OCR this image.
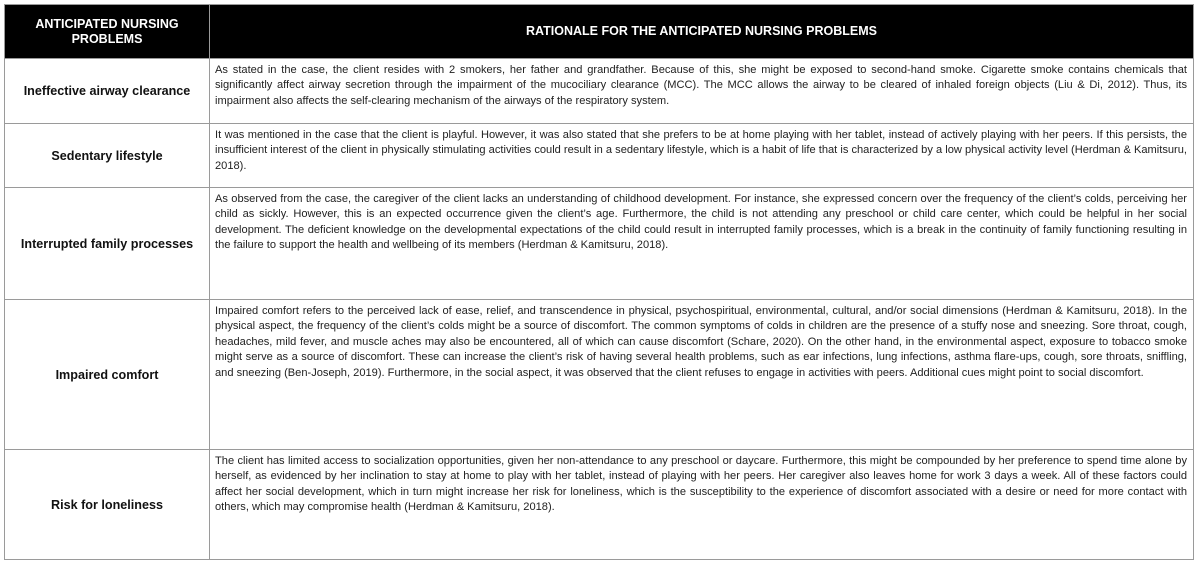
ANTICIPATED NURSING PROBLEMS	RATIONALE FOR THE ANTICIPATED NURSING PROBLEMS
Ineffective airway clearance	As stated in the case, the client resides with 2 smokers, her father and grandfather. Because of this, she might be exposed to second-hand smoke. Cigarette smoke contains chemicals that significantly affect airway secretion through the impairment of the mucociliary clearance (MCC). The MCC allows the airway to be cleared of inhaled foreign objects (Liu & Di, 2012). Thus, its impairment also affects the self-clearing mechanism of the airways of the respiratory system.
Sedentary lifestyle	It was mentioned in the case that the client is playful. However, it was also stated that she prefers to be at home playing with her tablet, instead of actively playing with her peers. If this persists, the insufficient interest of the client in physically stimulating activities could result in a sedentary lifestyle, which is a habit of life that is characterized by a low physical activity level (Herdman & Kamitsuru, 2018).
Interrupted family processes	As observed from the case, the caregiver of the client lacks an understanding of childhood development. For instance, she expressed concern over the frequency of the client’s colds, perceiving her child as sickly. However, this is an expected occurrence given the client’s age. Furthermore, the child is not attending any preschool or child care center, which could be helpful in her social development. The deficient knowledge on the developmental expectations of the child could result in interrupted family processes, which is a break in the continuity of family functioning resulting in the failure to support the health and wellbeing of its members (Herdman & Kamitsuru, 2018).
Impaired comfort	Impaired comfort refers to the perceived lack of ease, relief, and transcendence in physical, psychospiritual, environmental, cultural, and/or social dimensions (Herdman & Kamitsuru, 2018). In the physical aspect, the frequency of the client’s colds might be a source of discomfort. The common symptoms of colds in children are the presence of a stuffy nose and sneezing. Sore throat, cough, headaches, mild fever, and muscle aches may also be encountered, all of which can cause discomfort (Schare, 2020). On the other hand, in the environmental aspect, exposure to tobacco smoke might serve as a source of discomfort. These can increase the client’s risk of having several health problems, such as ear infections, lung infections, asthma flare-ups, cough, sore throats, sniffling, and sneezing (Ben-Joseph, 2019). Furthermore, in the social aspect, it was observed that the client refuses to engage in activities with peers. Additional cues might point to social discomfort.
Risk for loneliness	The client has limited access to socialization opportunities, given her non-attendance to any preschool or daycare. Furthermore, this might be compounded by her preference to spend time alone by herself, as evidenced by her inclination to stay at home to play with her tablet, instead of playing with her peers. Her caregiver also leaves home for work 3 days a week. All of these factors could affect her social development, which in turn might increase her risk for loneliness, which is the susceptibility to the experience of discomfort associated with a desire or need for more contact with others, which may compromise health (Herdman & Kamitsuru, 2018).
